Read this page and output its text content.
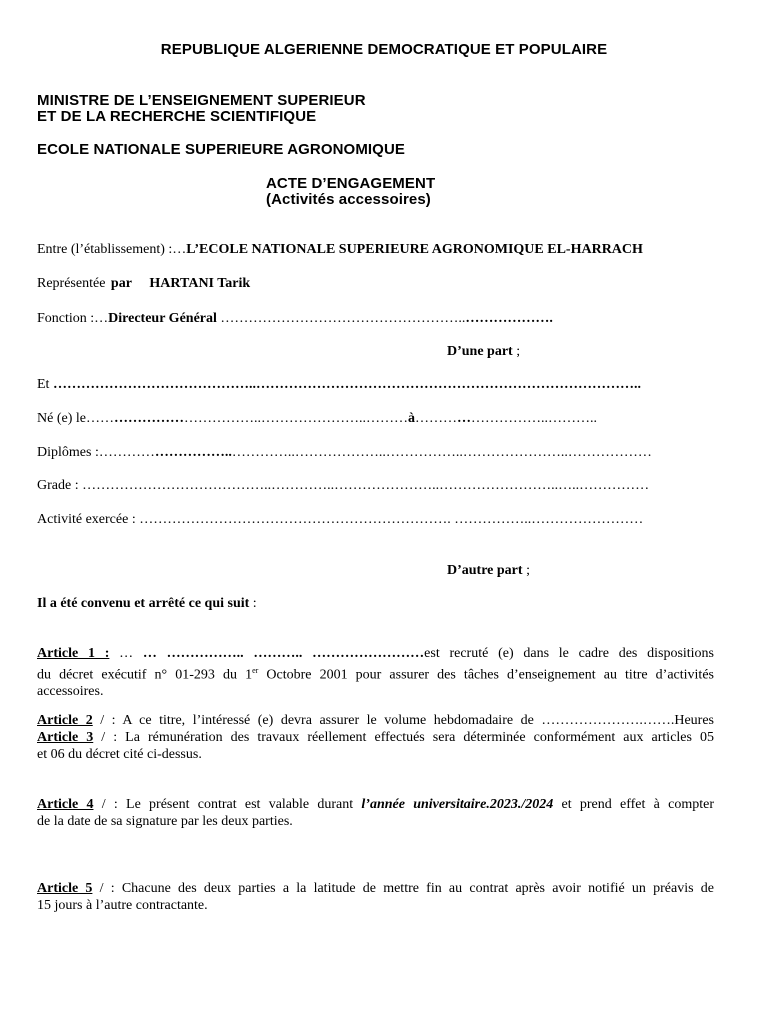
REPUBLIQUE ALGERIENNE DEMOCRATIQUE ET POPULAIRE
MINISTRE DE L’ENSEIGNEMENT SUPERIEUR
ET DE LA RECHERCHE SCIENTIFIQUE
ECOLE NATIONALE SUPERIEURE AGRONOMIQUE
ACTE D’ENGAGEMENT
(Activités accessoires)
Entre (l’établissement) :…L’ECOLE NATIONALE SUPERIEURE AGRONOMIQUE EL-HARRACH
Représentée par HARTANI Tarik
Fonction :…Directeur Général ……………………………………………..……………….
D’une part ;
Et ……………………………………..………………………………………………………………………..
Né (e) le………………………………..…………………..………à………………………..………..
Diplômes :………………………..…………..………………..……………..…………………..………………
Grade : …………………………………..…………..…………………..……………………..…..……………
Activité exercée : …………………………………………………………. ……………..……………………
D’autre part ;
Il a été convenu et arrêté ce qui suit :
Article 1 : … … …………….. ……….. ……………………est recruté (e) dans le cadre des dispositions
du décret exécutif n° 01-293 du 1er Octobre 2001 pour assurer des tâches d’enseignement au titre d’activités
accessoires.
Article 2 / : A ce titre, l’intéressé (e) devra assurer le volume hebdomadaire de ………………….…….Heures
Article 3 / : La rémunération des travaux réellement effectués sera déterminée conformément aux articles 05
et 06 du décret cité ci-dessus.
Article 4 / : Le présent contrat est valable durant l’année universitaire.2023./2024 et prend effet à compter
de la date de sa signature par les deux parties.
Article 5 / : Chacune des deux parties a la latitude de mettre fin au contrat après avoir notifié un préavis de
15 jours à l’autre contractante.
